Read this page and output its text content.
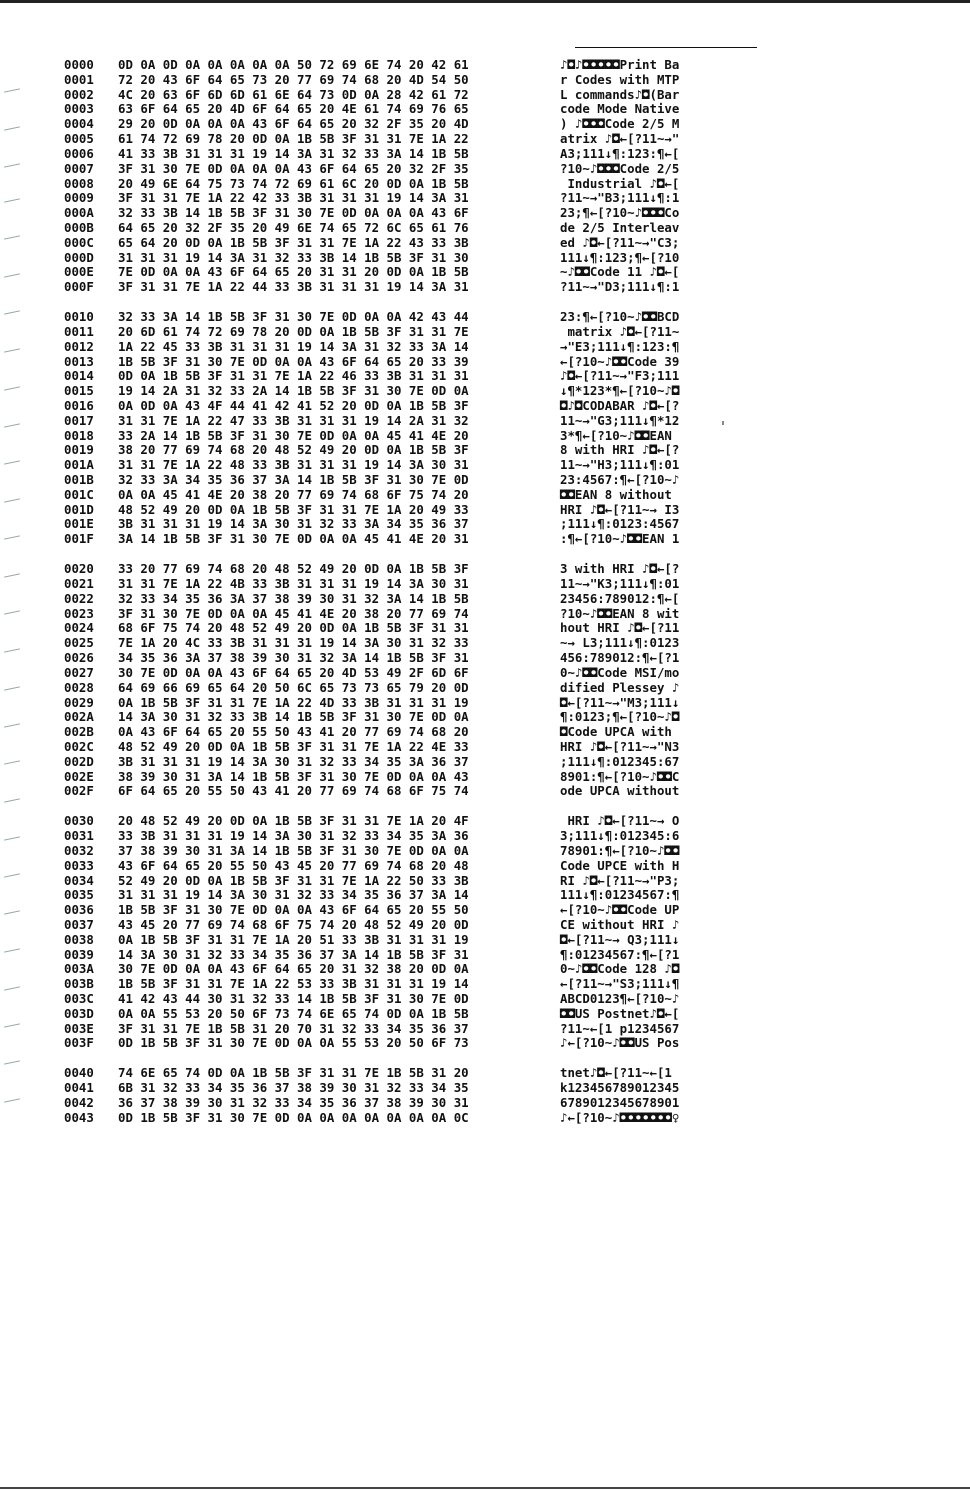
0000	0D 0A 0D 0A 0A 0A 0A 0A 50 72 69 6E 74 20 42 61	♪◘♪◘◘◘◘◘Print Ba
0001	72 20 43 6F 64 65 73 20 77 69 74 68 20 4D 54 50	r Codes with MTP
0002	4C 20 63 6F 6D 6D 61 6E 64 73 0D 0A 28 42 61 72	L commands♪◘(Bar
0003	63 6F 64 65 20 4D 6F 64 65 20 4E 61 74 69 76 65	code Mode Native
0004	29 20 0D 0A 0A 0A 43 6F 64 65 20 32 2F 35 20 4D	) ♪◘◘◘Code 2/5 M
0005	61 74 72 69 78 20 0D 0A 1B 5B 3F 31 31 7E 1A 22	atrix ♪◘←[?11~→"
0006	41 33 3B 31 31 31 19 14 3A 31 32 33 3A 14 1B 5B	A3;111↓¶:123:¶←[
0007	3F 31 30 7E 0D 0A 0A 0A 43 6F 64 65 20 32 2F 35	?10~♪◘◘◘Code 2/5
0008	20 49 6E 64 75 73 74 72 69 61 6C 20 0D 0A 1B 5B	Industrial ♪◘←[
0009	3F 31 31 7E 1A 22 42 33 3B 31 31 31 19 14 3A 31	?11~→"B3;111↓¶:1
000A	32 33 3B 14 1B 5B 3F 31 30 7E 0D 0A 0A 0A 43 6F	23;¶←[?10~♪◘◘◘Co
000B	64 65 20 32 2F 35 20 49 6E 74 65 72 6C 65 61 76	de 2/5 Interleav
000C	65 64 20 0D 0A 1B 5B 3F 31 31 7E 1A 22 43 33 3B	ed ♪◘←[?11~→"C3;
000D	31 31 31 19 14 3A 31 32 33 3B 14 1B 5B 3F 31 30	111↓¶:123;¶←[?10
000E	7E 0D 0A 0A 43 6F 64 65 20 31 31 20 0D 0A 1B 5B	~♪◘◘Code 11 ♪◘←[
000F	3F 31 31 7E 1A 22 44 33 3B 31 31 31 19 14 3A 31	?11~→"D3;111↓¶:1
0010	32 33 3A 14 1B 5B 3F 31 30 7E 0D 0A 0A 42 43 44	23:¶←[?10~♪◘◘BCD
0011	20 6D 61 74 72 69 78 20 0D 0A 1B 5B 3F 31 31 7E	matrix ♪◘←[?11~
0012	1A 22 45 33 3B 31 31 31 19 14 3A 31 32 33 3A 14	→"E3;111↓¶:123:¶
0013	1B 5B 3F 31 30 7E 0D 0A 0A 43 6F 64 65 20 33 39	←[?10~♪◘◘Code 39
0014	0D 0A 1B 5B 3F 31 31 7E 1A 22 46 33 3B 31 31 31	♪◘←[?11~→"F3;111
0015	19 14 2A 31 32 33 2A 14 1B 5B 3F 31 30 7E 0D 0A	↓¶*123*¶←[?10~♪◘
0016	0A 0D 0A 43 4F 44 41 42 41 52 20 0D 0A 1B 5B 3F	◘♪◘CODABAR ♪◘←[?
0017	31 31 7E 1A 22 47 33 3B 31 31 31 19 14 2A 31 32	11~→"G3;111↓¶*12
0018	33 2A 14 1B 5B 3F 31 30 7E 0D 0A 0A 45 41 4E 20	3*¶←[?10~♪◘◘EAN
0019	38 20 77 69 74 68 20 48 52 49 20 0D 0A 1B 5B 3F	8 with HRI ♪◘←[?
001A	31 31 7E 1A 22 48 33 3B 31 31 31 19 14 3A 30 31	11~→"H3;111↓¶:01
001B	32 33 3A 34 35 36 37 3A 14 1B 5B 3F 31 30 7E 0D	23:4567:¶←[?10~♪
001C	0A 0A 45 41 4E 20 38 20 77 69 74 68 6F 75 74 20	◘◘EAN 8 without
001D	48 52 49 20 0D 0A 1B 5B 3F 31 31 7E 1A 20 49 33	HRI ♪◘←[?11~→ I3
001E	3B 31 31 31 19 14 3A 30 31 32 33 3A 34 35 36 37	;111↓¶:0123:4567
001F	3A 14 1B 5B 3F 31 30 7E 0D 0A 0A 45 41 4E 20 31	:¶←[?10~♪◘◘EAN 1
0020	33 20 77 69 74 68 20 48 52 49 20 0D 0A 1B 5B 3F	3 with HRI ♪◘←[?
0021	31 31 7E 1A 22 4B 33 3B 31 31 31 19 14 3A 30 31	11~→"K3;111↓¶:01
0022	32 33 34 35 36 3A 37 38 39 30 31 32 3A 14 1B 5B	23456:789012:¶←[
0023	3F 31 30 7E 0D 0A 0A 45 41 4E 20 38 20 77 69 74	?10~♪◘◘EAN 8 wit
0024	68 6F 75 74 20 48 52 49 20 0D 0A 1B 5B 3F 31 31	hout HRI ♪◘←[?11
0025	7E 1A 20 4C 33 3B 31 31 31 19 14 3A 30 31 32 33	~→ L3;111↓¶:0123
0026	34 35 36 3A 37 38 39 30 31 32 3A 14 1B 5B 3F 31	456:789012:¶←[?1
0027	30 7E 0D 0A 0A 43 6F 64 65 20 4D 53 49 2F 6D 6F	0~♪◘◘Code MSI/mo
0028	64 69 66 69 65 64 20 50 6C 65 73 73 65 79 20 0D	dified Plessey ♪
0029	0A 1B 5B 3F 31 31 7E 1A 22 4D 33 3B 31 31 31 19	◘←[?11~→"M3;111↓
002A	14 3A 30 31 32 33 3B 14 1B 5B 3F 31 30 7E 0D 0A	¶:0123;¶←[?10~♪◘
002B	0A 43 6F 64 65 20 55 50 43 41 20 77 69 74 68 20	◘Code UPCA with
002C	48 52 49 20 0D 0A 1B 5B 3F 31 31 7E 1A 22 4E 33	HRI ♪◘←[?11~→"N3
002D	3B 31 31 31 19 14 3A 30 31 32 33 34 35 3A 36 37	;111↓¶:012345:67
002E	38 39 30 31 3A 14 1B 5B 3F 31 30 7E 0D 0A 0A 43	8901:¶←[?10~♪◘◘C
002F	6F 64 65 20 55 50 43 41 20 77 69 74 68 6F 75 74	ode UPCA without
0030	20 48 52 49 20 0D 0A 1B 5B 3F 31 31 7E 1A 20 4F	HRI ♪◘←[?11~→ O
0031	33 3B 31 31 31 19 14 3A 30 31 32 33 34 35 3A 36	3;111↓¶:012345:6
0032	37 38 39 30 31 3A 14 1B 5B 3F 31 30 7E 0D 0A 0A	78901:¶←[?10~♪◘◘
0033	43 6F 64 65 20 55 50 43 45 20 77 69 74 68 20 48	Code UPCE with H
0034	52 49 20 0D 0A 1B 5B 3F 31 31 7E 1A 22 50 33 3B	RI ♪◘←[?11~→"P3;
0035	31 31 31 19 14 3A 30 31 32 33 34 35 36 37 3A 14	111↓¶:01234567:¶
0036	1B 5B 3F 31 30 7E 0D 0A 0A 43 6F 64 65 20 55 50	←[?10~♪◘◘Code UP
0037	43 45 20 77 69 74 68 6F 75 74 20 48 52 49 20 0D	CE without HRI ♪
0038	0A 1B 5B 3F 31 31 7E 1A 20 51 33 3B 31 31 31 19	◘←[?11~→ Q3;111↓
0039	14 3A 30 31 32 33 34 35 36 37 3A 14 1B 5B 3F 31	¶:01234567:¶←[?1
003A	30 7E 0D 0A 0A 43 6F 64 65 20 31 32 38 20 0D 0A	0~♪◘◘Code 128 ♪◘
003B	1B 5B 3F 31 31 7E 1A 22 53 33 3B 31 31 31 19 14	←[?11~→"S3;111↓¶
003C	41 42 43 44 30 31 32 33 14 1B 5B 3F 31 30 7E 0D	ABCD0123¶←[?10~♪
003D	0A 0A 55 53 20 50 6F 73 74 6E 65 74 0D 0A 1B 5B	◘◘US Postnet♪◘←[
003E	3F 31 31 7E 1B 5B 31 20 70 31 32 33 34 35 36 37	?11~←[1 p1234567
003F	0D 1B 5B 3F 31 30 7E 0D 0A 0A 55 53 20 50 6F 73	♪←[?10~♪◘◘US Pos
0040	74 6E 65 74 0D 0A 1B 5B 3F 31 31 7E 1B 5B 31 20	tnet♪◘←[?11~←[1
0041	6B 31 32 33 34 35 36 37 38 39 30 31 32 33 34 35	k123456789012345
0042	36 37 38 39 30 31 32 33 34 35 36 37 38 39 30 31	6789012345678901
0043	0D 1B 5B 3F 31 30 7E 0D 0A 0A 0A 0A 0A 0A 0A 0C	♪←[?10~♪◘◘◘◘◘◘◘♀
